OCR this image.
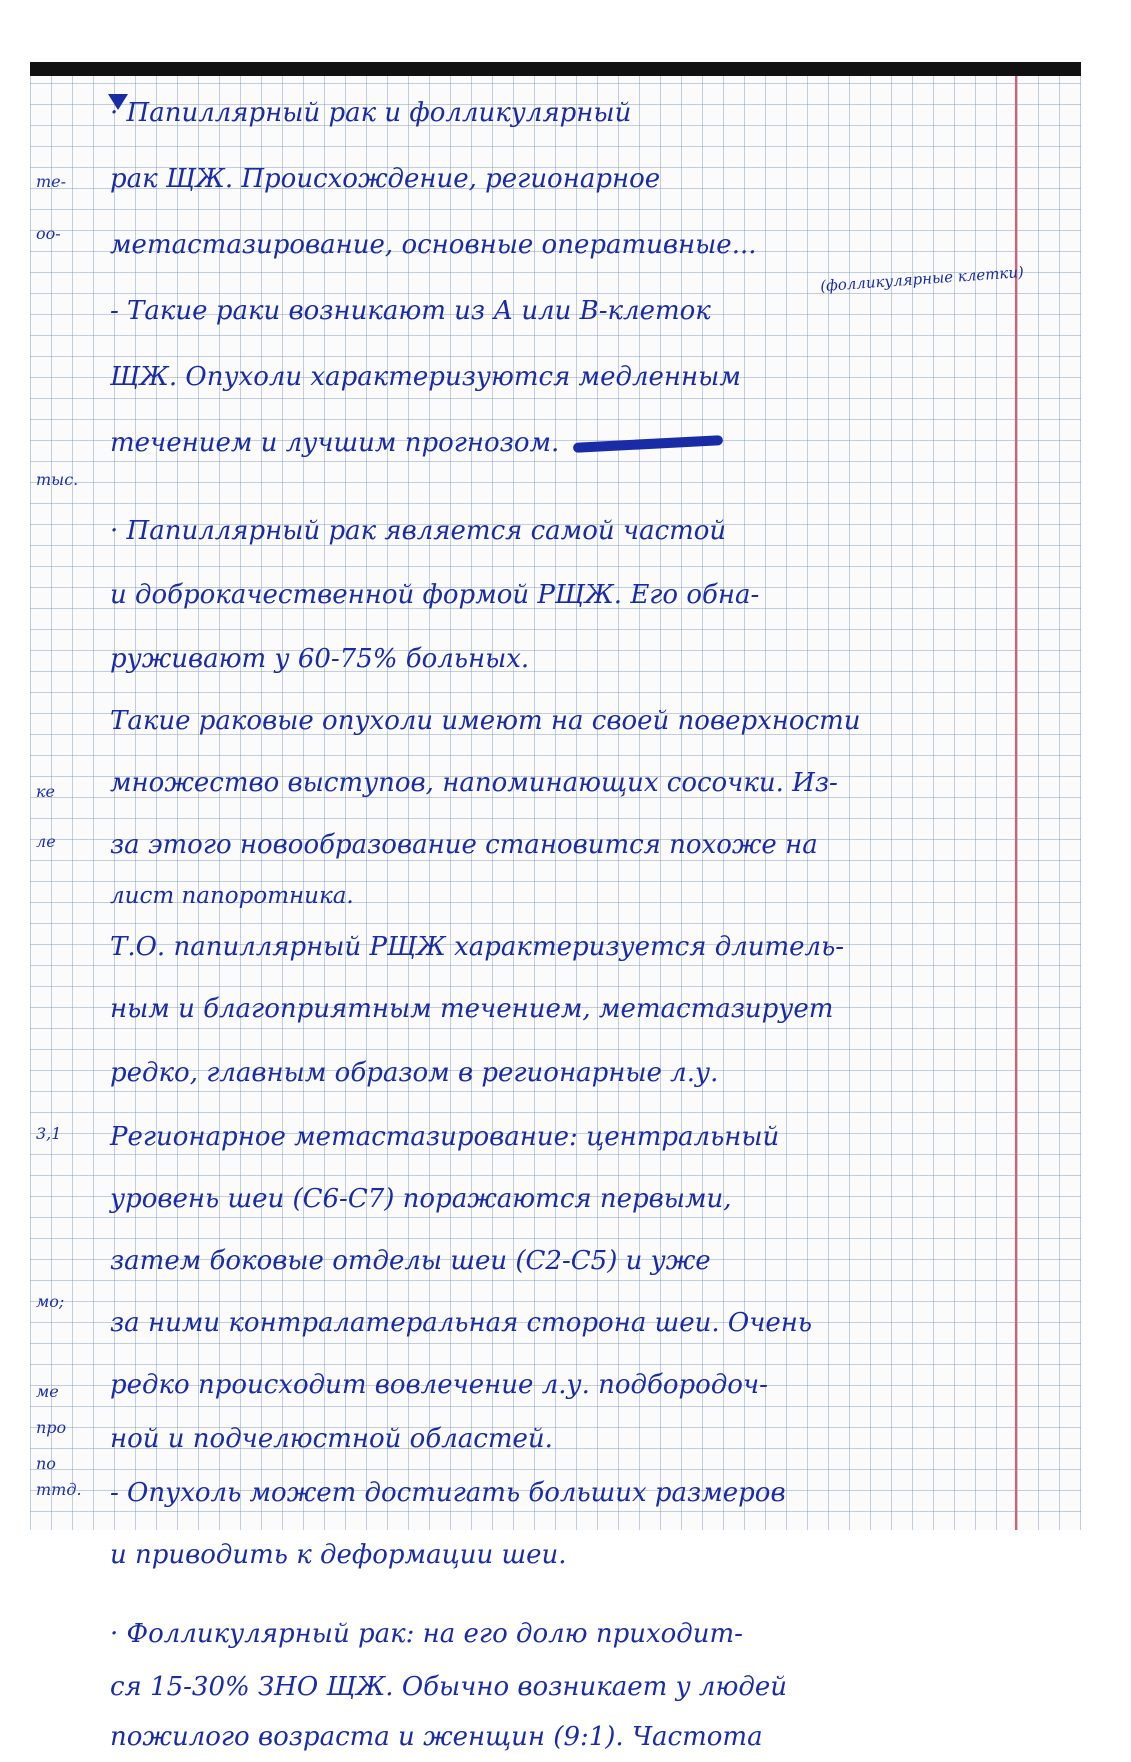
те-
оо-
тыс.
ке
ле
3,1
мо;
ме
про
по
ттд.
· Папиллярный рак и фолликулярный
рак ЩЖ. Происхождение, регионарное
метастазирование, основные оперативные...
(фолликулярные клетки)
- Такие раки возникают из А или В-клеток
ЩЖ. Опухоли характеризуются медленным
течением и лучшим прогнозом.
· Папиллярный рак является самой частой
и доброкачественной формой РЩЖ. Его обна-
руживают у 60-75% больных.
Такие раковые опухоли имеют на своей поверхности
множество выступов, напоминающих сосочки. Из-
за этого новообразование становится похоже на
лист папоротника.
Т.О. папиллярный РЩЖ характеризуется длитель-
ным и благоприятным течением, метастазирует
редко, главным образом в регионарные л.у.
Регионарное метастазирование: центральный
уровень шеи (C6-C7) поражаются первыми,
затем боковые отделы шеи (C2-C5) и уже
за ними контралатеральная сторона шеи. Очень
редко происходит вовлечение л.у. подбородоч-
ной и подчелюстной областей.
- Опухоль может достигать больших размеров
и приводить к деформации шеи.
· Фолликулярный рак: на его долю приходит-
ся 15-30% ЗНО ЩЖ. Обычно возникает у людей
пожилого возраста и женщин (9:1). Частота
